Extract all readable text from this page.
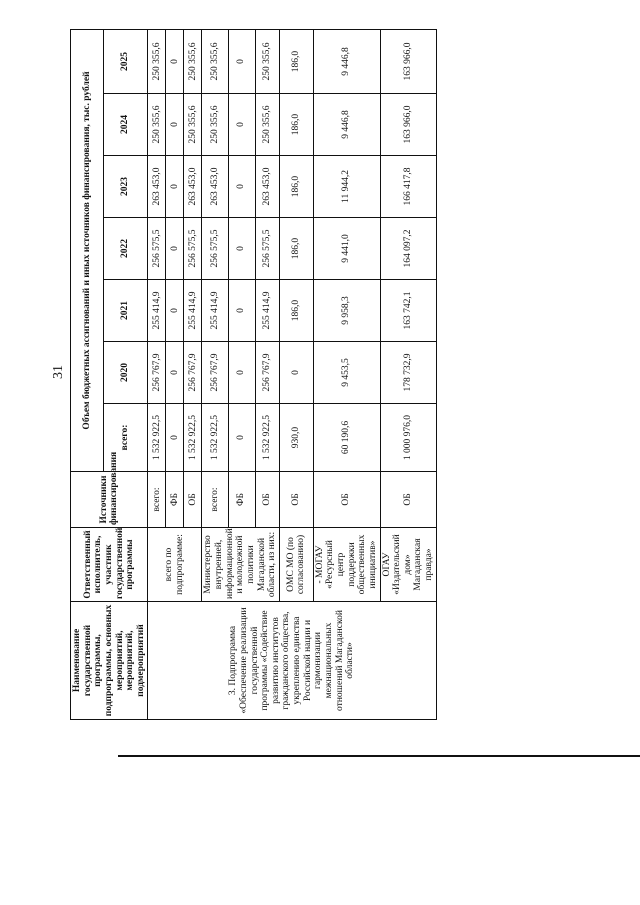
31
Наименование государственной программы, подпрограммы, основных мероприятий, мероприятий, подмероприятий	Ответственный исполнитель, участник государственной программы	Источники финансирования	Объем бюджетных ассигнований и иных источников финансирования, тыс. рублей						
			всего:	2020	2021	2022	2023	2024	2025
3. Подпрограмма «Обеспечение реализации государственной программы «Содействие развитию институтов гражданского общества, укреплению единства Российской нации и гармонизации межнациональных отношений Магаданской области»	всего по подпрограмме:	всего:	1 532 922,5	256 767,9	255 414,9	256 575,5	263 453,0	250 355,6	250 355,6
		ФБ	0	0	0	0	0	0	0
		ОБ	1 532 922,5	256 767,9	255 414,9	256 575,5	263 453,0	250 355,6	250 355,6
	Министерство внутренней, информационной и молодежной политики Магаданской области, из них:	всего:	1 532 922,5	256 767,9	255 414,9	256 575,5	263 453,0	250 355,6	250 355,6
		ФБ	0	0	0	0	0	0	0
		ОБ	1 532 922,5	256 767,9	255 414,9	256 575,5	263 453,0	250 355,6	250 355,6
	ОМС МО (по согласованию)	ОБ	930,0	0	186,0	186,0	186,0	186,0	186,0
	- МОГАУ «Ресурсный центр поддержки общественных инициатив»	ОБ	60 190,6	9 453,5	9 958,3	9 441,0	11 944,2	9 446,8	9 446,8
	ОГАУ «Издательский дом» Магаданская правда»	ОБ	1 000 976,0	178 732,9	163 742,1	164 097,2	166 417,8	163 966,0	163 966,0
